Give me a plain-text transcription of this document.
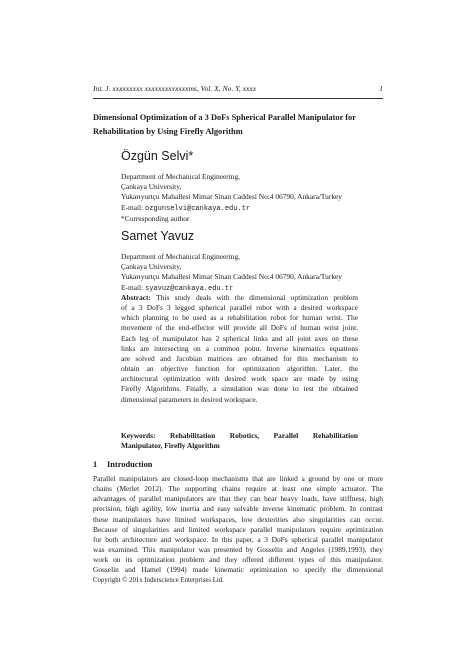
Int. J. xxxxxxxxx xxxxxxxxxxxxxms, Vol. X, No. Y, xxxx	1
Dimensional Optimization of a 3 DoFs Spherical Parallel Manipulator for
Rehabilitation by Using Firefly Algorithm
Özgün Selvi*
Department of Mechanical Engineering,
Çankaya University,
Yukarıyurtçu Mahallesi Mimar Sinan Caddesi No:4 06790, Ankara/Turkey
E-mail: ozgunselvi@cankaya.edu.tr
*Corresponding author
Samet Yavuz
Department of Mechanical Engineering,
Çankaya University,
Yukarıyurtçu Mahallesi Mimar Sinan Caddesi No:4 06790, Ankara/Turkey
E-mail: syavuz@cankaya.edu.tr
Abstract: This study deals with the dimensional optimization problem
of a 3 DoFs 3 legged spherical parallel robot with a desired workspace
which planning to be used as a rehabilitation robot for human wrist. The
movement of the end-effector will provide all DoFs of human wrist joint.
Each leg of manipulator has 2 spherical links and all joint axes on these
links are intersecting on a common point. Inverse kinematics equations
are solved and Jacobian matrices are obtained for this mechanism to
obtain an objective function for optimization algorithm. Later, the
architectural optimization with desired work space are made by using
Firefly Algorithms. Finally, a simulation was done to test the obtained
dimensional parameters in desired workspace.
Keywords: Rehabilitation Robotics, Parallel Rehabilitation
Manipulator, Firefly Algorithm
1 Introduction
Parallel manipulators are closed-loop mechanisms that are linked a ground by one or more
chains (Merlet 2012). The supporting chains require at least one simple actuator. The
advantages of parallel manipulators are that they can bear heavy loads, have stiffness, high
precision, high agility, low inertia and easy solvable inverse kinematic problem. In contrast
these manipulators have limited workspaces, low dexterities also singularities can occur.
Because of singularities and limited workspace parallel manipulators require optimization
for both architecture and workspace. In this paper, a 3 DoFs spherical parallel manipulator
was examined. This manipulator was presented by Gosselin and Angeles (1989,1993), they
work on its optimization problem and they offered different types of this manipulator.
Gosselin and Hamel (1994) made kinematic optimization to specify the dimensional
Copyright © 201x Inderscience Enterprises Ltd.
